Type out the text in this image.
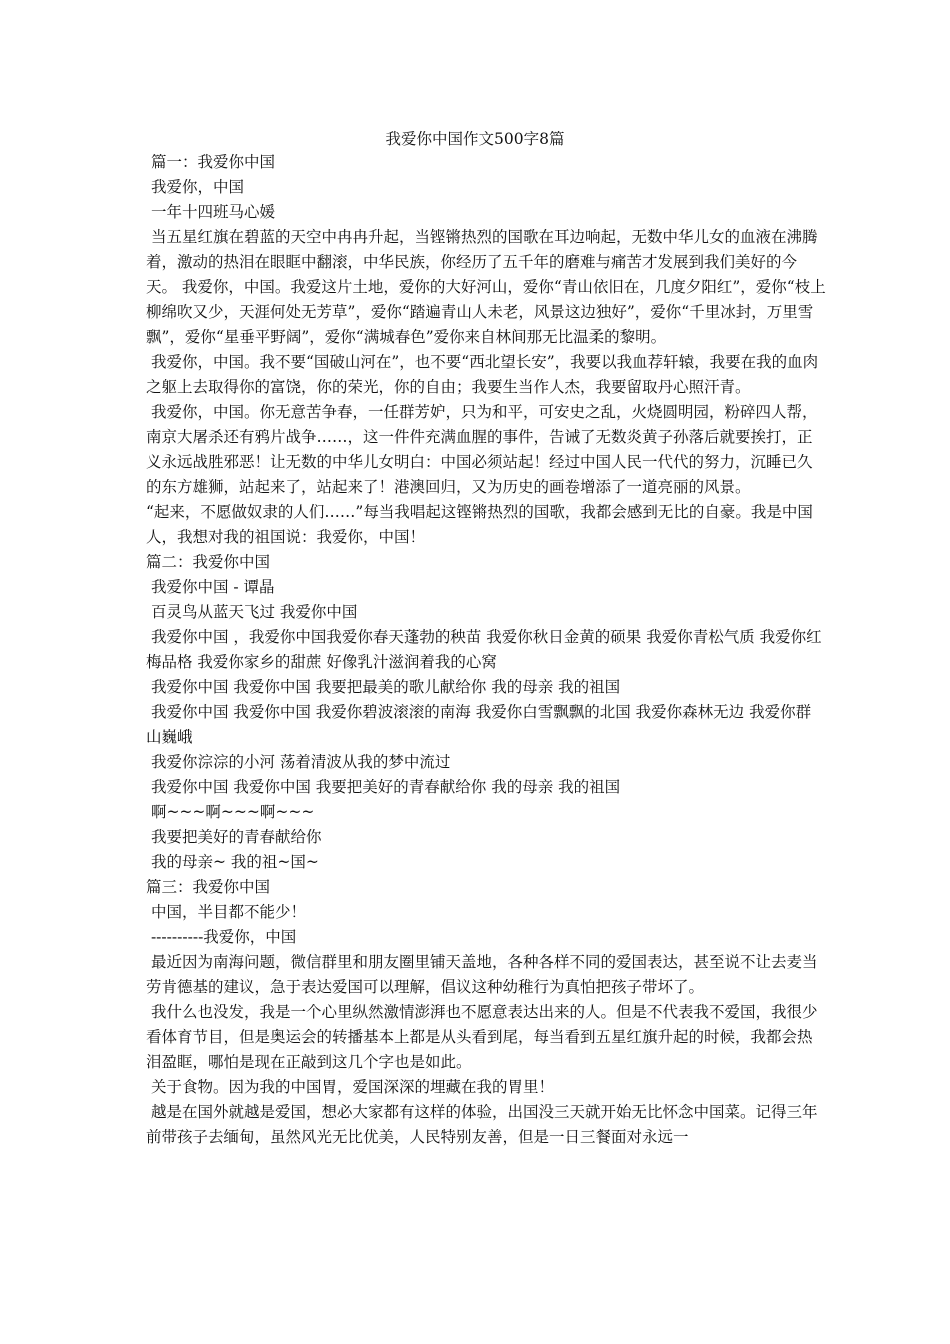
我爱你中国作文500字8篇

篇一：我爱你中国

我爱你，中国

一年十四班马心媛

当五星红旗在碧蓝的天空中冉冉升起，当铿锵热烈的国歌在耳边响起，无数中华儿女的血液在沸腾着，激动的热泪在眼眶中翻滚，中华民族，你经历了五千年的磨难与痛苦才发展到我们美好的今天。 我爱你，中国。我爱这片土地，爱你的大好河山，爱你“青山依旧在，几度夕阳红”，爱你“枝上柳绵吹又少，天涯何处无芳草”，爱你“踏遍青山人未老，风景这边独好”，爱你“千里冰封，万里雪飘”，爱你“星垂平野阔”，爱你“满城春色”爱你来自林间那无比温柔的黎明。

我爱你，中国。我不要“国破山河在”，也不要“西北望长安”，我要以我血荐轩辕，我要在我的血肉之躯上去取得你的富饶，你的荣光，你的自由；我要生当作人杰，我要留取丹心照汗青。

我爱你，中国。你无意苦争春，一任群芳妒，只为和平，可安史之乱，火烧圆明园，粉碎四人帮，南京大屠杀还有鸦片战争……，这一件件充满血腥的事件，告诫了无数炎黄子孙落后就要挨打，正义永远战胜邪恶！让无数的中华儿女明白：中国必须站起！经过中国人民一代代的努力，沉睡已久的东方雄狮，站起来了，站起来了！港澳回归，又为历史的画卷增添了一道亮丽的风景。

“起来，不愿做奴隶的人们……”每当我唱起这铿锵热烈的国歌，我都会感到无比的自豪。我是中国人，我想对我的祖国说：我爱你，中国！

篇二：我爱你中国

我爱你中国 - 谭晶

百灵鸟从蓝天飞过 我爱你中国

我爱你中国 ，我爱你中国我爱你春天蓬勃的秧苗 我爱你秋日金黄的硕果 我爱你青松气质 我爱你红梅品格 我爱你家乡的甜蔗 好像乳汁滋润着我的心窝

我爱你中国 我爱你中国 我要把最美的歌儿献给你 我的母亲 我的祖国

我爱你中国 我爱你中国 我爱你碧波滚滚的南海 我爱你白雪飘飘的北国 我爱你森林无边 我爱你群山巍峨

我爱你淙淙的小河 荡着清波从我的梦中流过

我爱你中国 我爱你中国 我要把美好的青春献给你 我的母亲 我的祖国

啊~~~啊~~~啊~~~

我要把美好的青春献给你

我的母亲~ 我的祖~国~

篇三：我爱你中国

中国，半目都不能少！

----------我爱你，中国

最近因为南海问题，微信群里和朋友圈里铺天盖地，各种各样不同的爱国表达，甚至说不让去麦当劳肯德基的建议，急于表达爱国可以理解，倡议这种幼稚行为真怕把孩子带坏了。

我什么也没发，我是一个心里纵然激情澎湃也不愿意表达出来的人。但是不代表我不爱国，我很少看体育节目，但是奥运会的转播基本上都是从头看到尾，每当看到五星红旗升起的时候，我都会热泪盈眶，哪怕是现在正敲到这几个字也是如此。

关于食物。因为我的中国胃，爱国深深的埋藏在我的胃里！

越是在国外就越是爱国，想必大家都有这样的体验，出国没三天就开始无比怀念中国菜。记得三年前带孩子去缅甸，虽然风光无比优美，人民特别友善，但是一日三餐面对永远一
